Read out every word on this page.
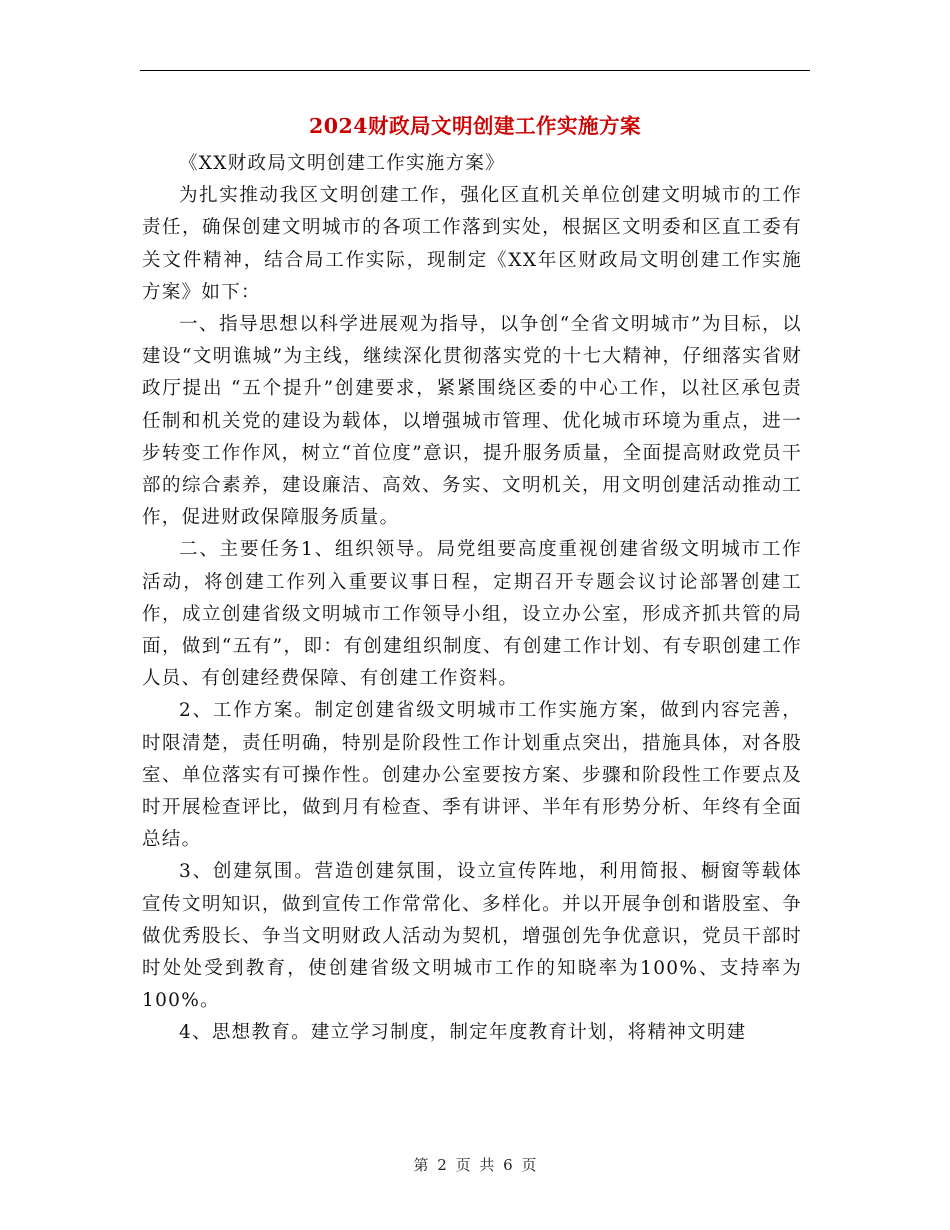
2024财政局文明创建工作实施方案

《XX财政局文明创建工作实施方案》

为扎实推动我区文明创建工作，强化区直机关单位创建文明城市的工作责任，确保创建文明城市的各项工作落到实处，根据区文明委和区直工委有关文件精神，结合局工作实际，现制定《XX年区财政局文明创建工作实施方案》如下：

一、指导思想以科学进展观为指导，以争创“全省文明城市”为目标，以建设“文明谯城”为主线，继续深化贯彻落实党的十七大精神，仔细落实省财政厅提出 “五个提升”创建要求，紧紧围绕区委的中心工作，以社区承包责任制和机关党的建设为载体，以增强城市管理、优化城市环境为重点，进一步转变工作作风，树立“首位度”意识，提升服务质量，全面提高财政党员干部的综合素养，建设廉洁、高效、务实、文明机关，用文明创建活动推动工作，促进财政保障服务质量。

二、主要任务1、组织领导。局党组要高度重视创建省级文明城市工作活动，将创建工作列入重要议事日程，定期召开专题会议讨论部署创建工作，成立创建省级文明城市工作领导小组，设立办公室，形成齐抓共管的局面，做到“五有”，即：有创建组织制度、有创建工作计划、有专职创建工作人员、有创建经费保障、有创建工作资料。

2、工作方案。制定创建省级文明城市工作实施方案，做到内容完善，时限清楚，责任明确，特别是阶段性工作计划重点突出，措施具体，对各股室、单位落实有可操作性。创建办公室要按方案、步骤和阶段性工作要点及时开展检查评比，做到月有检查、季有讲评、半年有形势分析、年终有全面总结。

3、创建氛围。营造创建氛围，设立宣传阵地，利用简报、橱窗等载体宣传文明知识，做到宣传工作常常化、多样化。并以开展争创和谐股室、争做优秀股长、争当文明财政人活动为契机，增强创先争优意识，党员干部时时处处受到教育，使创建省级文明城市工作的知晓率为100%、支持率为100%。

4、思想教育。建立学习制度，制定年度教育计划，将精神文明建

第 2 页 共 6 页
